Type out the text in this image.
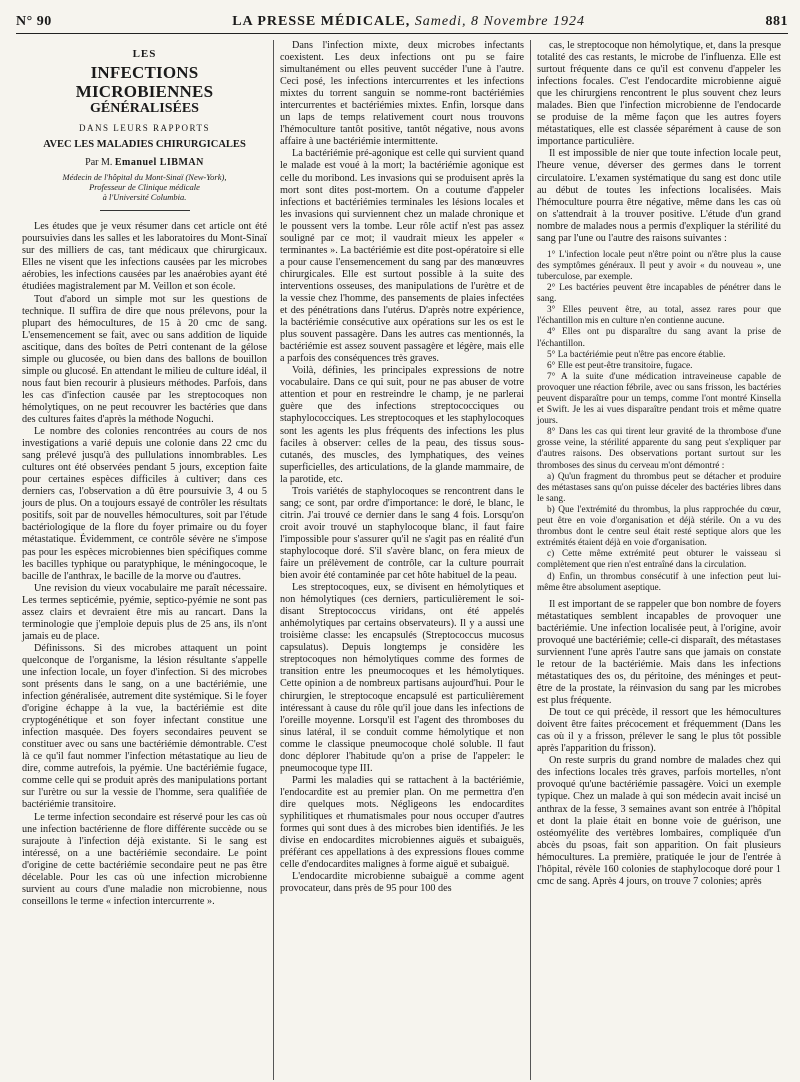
N° 90	LA PRESSE MÉDICALE, Samedi, 8 Novembre 1924	881
LES
INFECTIONS MICROBIENNES
GÉNÉRALISÉES
DANS LEURS RAPPORTS
AVEC LES MALADIES CHIRURGICALES
Par M. Emanuel LIBMAN
Médecin de l'hôpital du Mont-Sinaï (New-York),
Professeur de Clinique médicale
à l'Université Columbia.

Les études que je veux résumer dans cet article ont été poursuivies dans les salles et les laboratoires du Mont-Sinaï sur des milliers de cas, tant médicaux que chirurgicaux. Elles ne visent que les infections causées par les microbes aérobies, les infections causées par les anaérobies ayant été étudiées magistralement par M. Veillon et son école.

Tout d'abord un simple mot sur les questions de technique. Il suffira de dire que nous prélevons, pour la plupart des hémocultures, de 15 à 20 cmc de sang. L'ensemencement se fait, avec ou sans addition de liquide ascitique, dans des boîtes de Petri contenant de la gélose simple ou glucosée, ou bien dans des ballons de bouillon simple ou glucosé. En attendant le milieu de culture idéal, il nous faut bien recourir à plusieurs méthodes. Parfois, dans les cas d'infection causée par les streptocoques non hémolytiques, on ne peut recouvrer les bactéries que dans des cultures faites d'après la méthode Noguchi.

Le nombre des colonies rencontrées au cours de nos investigations a varié depuis une colonie dans 22 cmc du sang prélevé jusqu'à des pullulations innombrables. Les cultures ont été observées pendant 5 jours, exception faite pour certaines espèces difficiles à cultiver; dans ces derniers cas, l'observation a dû être poursuivie 3, 4 ou 5 jours de plus. On a toujours essayé de contrôler les résultats positifs, soit par de nouvelles hémocultures, soit par l'étude bactériologique de la flore du foyer primaire ou du foyer métastatique. Évidemment, ce contrôle sévère ne s'impose pas pour les espèces microbiennes bien spécifiques comme les bacilles typhique ou paratyphique, le méningocoque, le bacille de l'anthrax, le bacille de la morve ou d'autres.

Une revision du vieux vocabulaire me paraît nécessaire. Les termes septicémie, pyémie, septico-pyémie ne sont pas assez clairs et devraient être mis au rancart. Dans la terminologie que j'emploie depuis plus de 25 ans, ils n'ont jamais eu de place.

Définissons. Si des microbes attaquent un point quelconque de l'organisme, la lésion résultante s'appelle une infection locale, un foyer d'infection. Si des microbes sont présents dans le sang, on a une bactériémie, une infection généralisée, autrement dite systémique. Si le foyer d'origine échappe à la vue, la bactériémie est dite cryptogénétique et son foyer infectant constitue une infection masquée. Des foyers secondaires peuvent se constituer avec ou sans une bactériémie démontrable. C'est là ce qu'il faut nommer l'infection métastatique au lieu de dire, comme autrefois, la pyémie. Une bactériémie fugace, comme celle qui se produit après des manipulations portant sur l'urètre ou sur la vessie de l'homme, sera qualifiée de bactériémie transitoire.

Le terme infection secondaire est réservé pour les cas où une infection bactérienne de flore différente succède ou se surajoute à l'infection déjà existante. Si le sang est intéressé, on a une bactériémie secondaire. Le point d'origine de cette bactériémie secondaire peut ne pas être décelable. Pour les cas où une infection microbienne survient au cours d'une maladie non microbienne, nous conseillons le terme « infection intercurrente ».

Dans l'infection mixte, deux microbes infectants coexistent. Les deux infections ont pu se faire simultanément ou elles peuvent succéder l'une à l'autre. Ceci posé, les infections intercurrentes et les infections mixtes du torrent sanguin se nomme-ront bactériémies intercurrentes et bactériémies mixtes. Enfin, lorsque dans un laps de temps relativement court nous trouvons l'hémoculture tantôt positive, tantôt négative, nous avons affaire à une bactériémie intermittente.

La bactériémie pré-agonique est celle qui survient quand le malade est voué à la mort; la bactériémie agonique est celle du moribond. Les invasions qui se produisent après la mort sont dites post-mortem. On a coutume d'appeler infections et bactériémies terminales les lésions locales et les invasions qui surviennent chez un malade chronique et le poussent vers la tombe. Leur rôle actif n'est pas assez souligné par ce mot; il vaudrait mieux les appeler « terminantes ». La bactériémie est dite post-opératoire si elle a pour cause l'ensemencement du sang par des manœuvres chirurgicales. Elle est surtout possible à la suite des interventions osseuses, des manipulations de l'urètre et de la vessie chez l'homme, des pansements de plaies infectées et des pénétrations dans l'utérus. D'après notre expérience, la bactériémie consécutive aux opérations sur les os est le plus souvent passagère. Dans les autres cas mentionnés, la bactériémie est assez souvent passagère et légère, mais elle a parfois des conséquences très graves.

Voilà, définies, les principales expressions de notre vocabulaire. Dans ce qui suit, pour ne pas abuser de votre attention et pour en restreindre le champ, je ne parlerai guère que des infections streptococciques ou staphylococciques. Les streptocoques et les staphylocoques sont les agents les plus fréquents des infections les plus faciles à observer: celles de la peau, des tissus sous-cutanés, des muscles, des lymphatiques, des veines superficielles, des articulations, de la glande mammaire, de la parotide, etc.

Trois variétés de staphylocoques se rencontrent dans le sang; ce sont, par ordre d'importance: le doré, le blanc, le citrin. J'ai trouvé ce dernier dans le sang 4 fois. Lorsqu'on croit avoir trouvé un staphylocoque blanc, il faut faire l'impossible pour s'assurer qu'il ne s'agit pas en réalité d'un staphylocoque doré. S'il s'avère blanc, on fera mieux de faire un prélèvement de contrôle, car la culture pourrait bien avoir été contaminée par cet hôte habituel de la peau.

Les streptocoques, eux, se divisent en hémolytiques et non hémolytiques (ces derniers, particulièrement le soi-disant Streptococcus viridans, ont été appelés anhémolytiques par certains observateurs). Il y a aussi une troisième classe: les encapsulés (Streptococcus mucosus capsulatus). Depuis longtemps je considère les streptocoques non hémolytiques comme des formes de transition entre les pneumocoques et les hémolytiques. Cette opinion a de nombreux partisans aujourd'hui. Pour le chirurgien, le streptocoque encapsulé est particulièrement intéressant à cause du rôle qu'il joue dans les infections de l'oreille moyenne. Lorsqu'il est l'agent des thromboses du sinus latéral, il se conduit comme hémolytique et non comme le classique pneumocoque cholé soluble. Il faut donc déplorer l'habitude qu'on a prise de l'appeler: le pneumocoque type III.

Parmi les maladies qui se rattachent à la bactériémie, l'endocardite est au premier plan. On me permettra d'en dire quelques mots. Négligeons les endocardites syphilitiques et rhumatismales pour nous occuper d'autres formes qui sont dues à des microbes bien identifiés. Je les divise en endocardites microbiennes aiguës et subaiguës, préférant ces appellations à des expressions floues comme celle d'endocardites malignes à forme aiguë et subaiguë.

L'endocardite microbienne subaiguë a comme agent provocateur, dans près de 95 pour 100 des

cas, le streptocoque non hémolytique, et, dans la presque totalité des cas restants, le microbe de l'influenza. Elle est surtout fréquente dans ce qu'il est convenu d'appeler les infections focales. C'est l'endocardite microbienne aiguë que les chirurgiens rencontrent le plus souvent chez leurs malades. Bien que l'infection microbienne de l'endocarde se produise de la même façon que les autres foyers métastatiques, elle est classée séparément à cause de son importance particulière.

Il est impossible de nier que toute infection locale peut, l'heure venue, déverser des germes dans le torrent circulatoire. L'examen systématique du sang est donc utile au début de toutes les infections localisées. Mais l'hémoculture pourra être négative, même dans les cas où on s'attendrait à la trouver positive. L'étude d'un grand nombre de malades nous a permis d'expliquer la stérilité du sang par l'une ou l'autre des raisons suivantes :

1° L'infection locale peut n'être point ou n'être plus la cause des symptômes généraux. Il peut y avoir « du nouveau », une tuberculose, par exemple.

2° Les bactéries peuvent être incapables de pénétrer dans le sang.

3° Elles peuvent être, au total, assez rares pour que l'échantillon mis en culture n'en contienne aucune.

4° Elles ont pu disparaître du sang avant la prise de l'échantillon.

5° La bactériémie peut n'être pas encore établie.

6° Elle est peut-être transitoire, fugace.

7° A la suite d'une médication intraveineuse capable de provoquer une réaction fébrile, avec ou sans frisson, les bactéries peuvent disparaître pour un temps, comme l'ont montré Kinsella et Swift. Je les ai vues disparaître pendant trois et même quatre jours.

8° Dans les cas qui tirent leur gravité de la thrombose d'une grosse veine, la stérilité apparente du sang peut s'expliquer par d'autres raisons. Des observations portant surtout sur les thromboses des sinus du cerveau m'ont démontré :

a) Qu'un fragment du thrombus peut se détacher et produire des métastases sans qu'on puisse déceler des bactéries libres dans le sang.

b) Que l'extrémité du thrombus, la plus rapprochée du cœur, peut être en voie d'organisation et déjà stérile. On a vu des thrombus dont le centre seul était resté septique alors que les extrémités étaient déjà en voie d'organisation.

c) Cette même extrémité peut obturer le vaisseau si complètement que rien n'est entraîné dans la circulation.

d) Enfin, un thrombus consécutif à une infection peut lui-même être absolument aseptique.

Il est important de se rappeler que bon nombre de foyers métastatiques semblent incapables de provoquer une bactériémie. Une infection localisée peut, à l'origine, avoir provoqué une bactériémie; celle-ci disparaît, des métastases surviennent l'une après l'autre sans que jamais on constate le retour de la bactériémie. Mais dans les infections métastatiques des os, du péritoine, des méninges et peut-être de la prostate, la réinvasion du sang par les microbes est plus fréquente.

De tout ce qui précède, il ressort que les hémocultures doivent être faites précocement et fréquemment (Dans les cas où il y a frisson, prélever le sang le plus tôt possible après l'apparition du frisson).

On reste surpris du grand nombre de malades chez qui des infections locales très graves, parfois mortelles, n'ont provoqué qu'une bactériémie passagère. Voici un exemple typique. Chez un malade à qui son médecin avait incisé un anthrax de la fesse, 3 semaines avant son entrée à l'hôpital et dont la plaie était en bonne voie de guérison, une ostéomyélite des vertèbres lombaires, compliquée d'un abcès du psoas, fait son apparition. On fait plusieurs hémocultures. La première, pratiquée le jour de l'entrée à l'hôpital, révèle 160 colonies de staphylocoque doré pour 1 cmc de sang. Après 4 jours, on trouve 7 colonies; après
